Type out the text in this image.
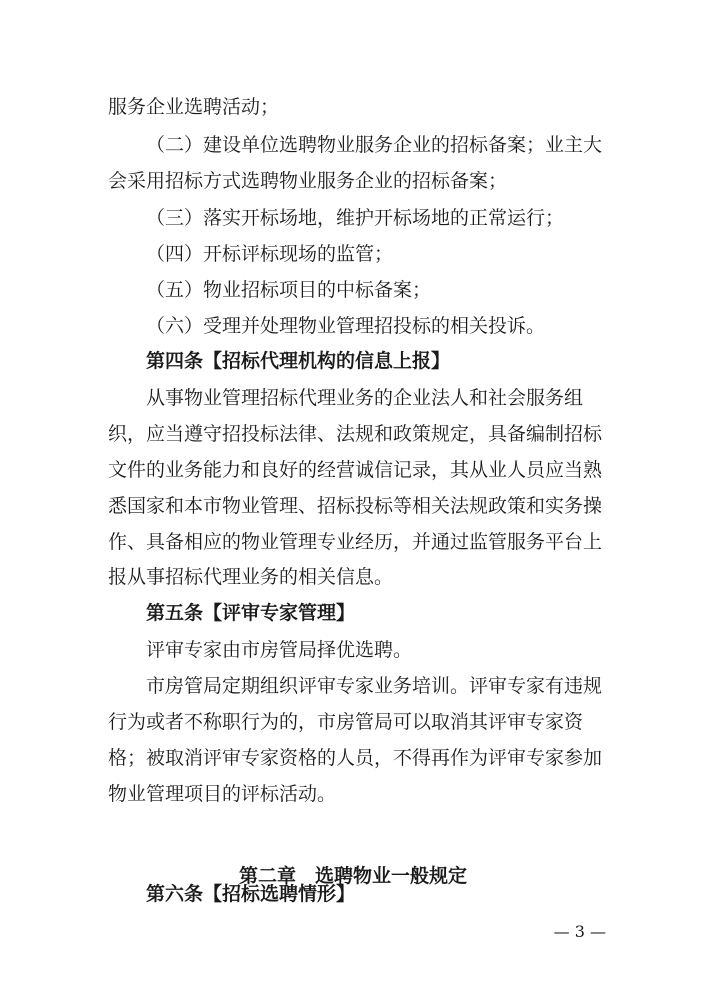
服务企业选聘活动；

（二）建设单位选聘物业服务企业的招标备案；业主大

会采用招标方式选聘物业服务企业的招标备案；

（三）落实开标场地，维护开标场地的正常运行；

（四）开标评标现场的监管；

（五）物业招标项目的中标备案；

（六）受理并处理物业管理招投标的相关投诉。

第四条【招标代理机构的信息上报】

从事物业管理招标代理业务的企业法人和社会服务组

织，应当遵守招投标法律、法规和政策规定，具备编制招标

文件的业务能力和良好的经营诚信记录，其从业人员应当熟

悉国家和本市物业管理、招标投标等相关法规政策和实务操

作、具备相应的物业管理专业经历，并通过监管服务平台上

报从事招标代理业务的相关信息。

第五条【评审专家管理】

评审专家由市房管局择优选聘。

市房管局定期组织评审专家业务培训。评审专家有违规

行为或者不称职行为的，市房管局可以取消其评审专家资

格；被取消评审专家资格的人员，不得再作为评审专家参加

物业管理项目的评标活动。

第二章　选聘物业一般规定

第六条【招标选聘情形】

— 3 —
